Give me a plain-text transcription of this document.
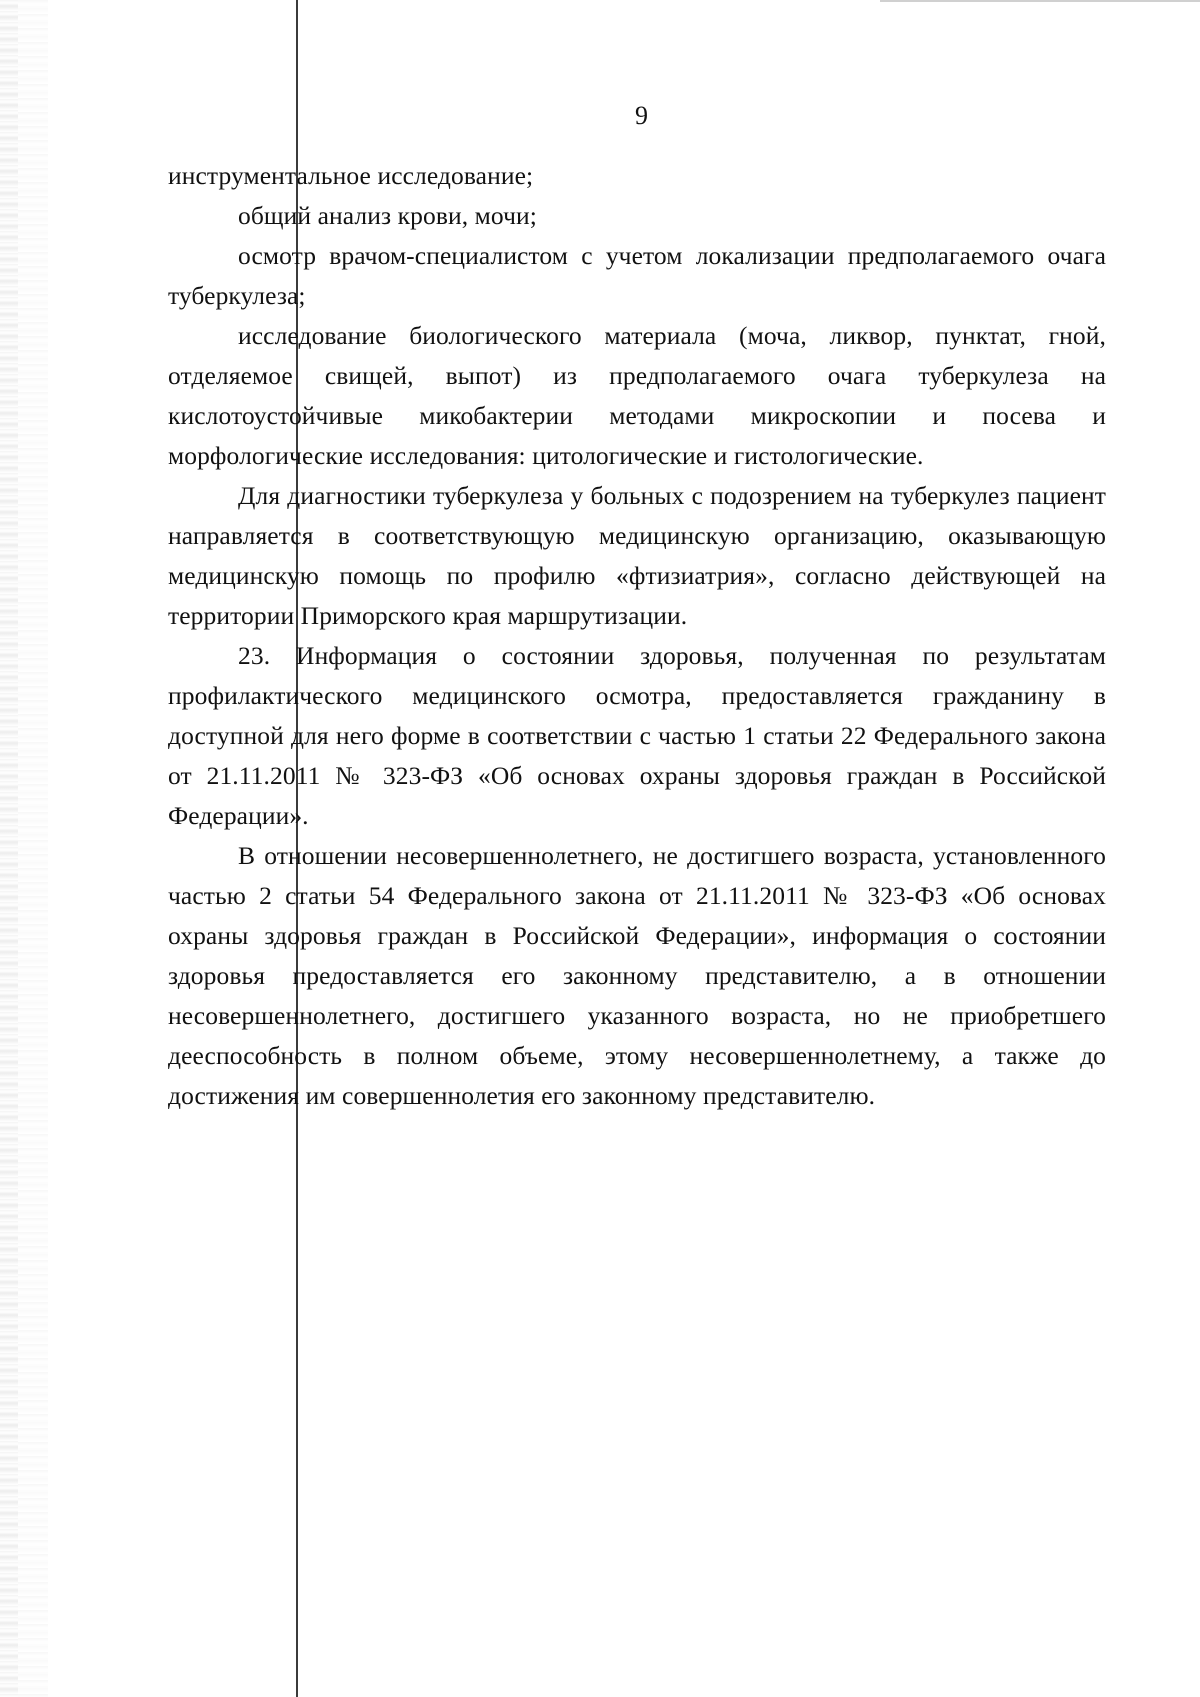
9

инструментальное исследование;

общий анализ крови, мочи;

осмотр врачом-специалистом с учетом локализации предполагаемого очага туберкулеза;

исследование биологического материала (моча, ликвор, пунктат, гной, отделяемое свищей, выпот) из предполагаемого очага туберкулеза на кислотоустойчивые микобактерии методами микроскопии и посева и морфологические исследования: цитологические и гистологические.

Для диагностики туберкулеза у больных с подозрением на туберкулез пациент направляется в соответствующую медицинскую организацию, оказывающую медицинскую помощь по профилю «фтизиатрия», согласно действующей на территории Приморского края маршрутизации.

23. Информация о состоянии здоровья, полученная по результатам профилактического медицинского осмотра, предоставляется гражданину в доступной для него форме в соответствии с частью 1 статьи 22 Федерального закона от 21.11.2011 № 323-ФЗ «Об основах охраны здоровья граждан в Российской Федерации».

В отношении несовершеннолетнего, не достигшего возраста, установленного частью 2 статьи 54 Федерального закона от 21.11.2011 № 323-ФЗ «Об основах охраны здоровья граждан в Российской Федерации», информация о состоянии здоровья предоставляется его законному представителю, а в отношении несовершеннолетнего, достигшего указанного возраста, но не приобретшего дееспособность в полном объеме, этому несовершеннолетнему, а также до достижения им совершеннолетия его законному представителю.
